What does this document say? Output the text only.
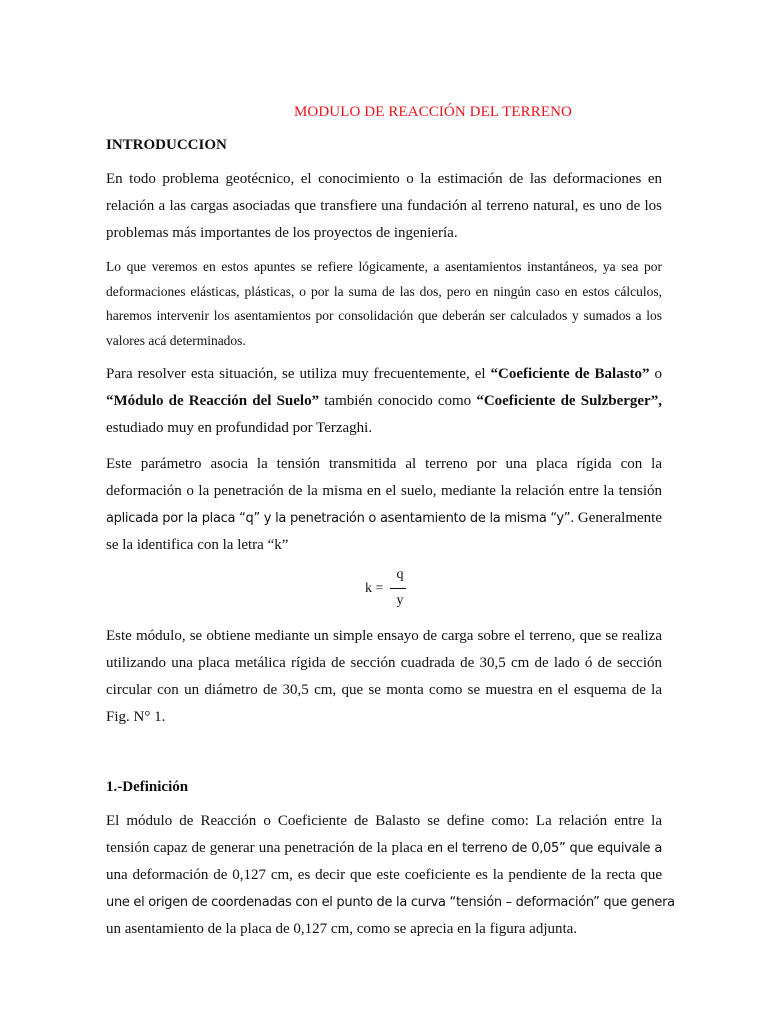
MODULO DE REACCIÓN DEL TERRENO
INTRODUCCION
En todo problema geotécnico, el conocimiento o la estimación de las deformaciones en
relación a las cargas asociadas que transfiere una fundación al terreno natural, es uno de los
problemas más importantes de los proyectos de ingeniería.
Lo que veremos en estos apuntes se refiere lógicamente, a asentamientos instantáneos, ya sea por
deformaciones elásticas, plásticas, o por la suma de las dos, pero en ningún caso en estos cálculos,
haremos intervenir los asentamientos por consolidación que deberán ser calculados y sumados a los
valores acá determinados.
Para resolver esta situación, se utiliza muy frecuentemente, el “Coeficiente de Balasto” o
“Módulo de Reacción del Suelo” también conocido como “Coeficiente de Sulzberger”,
estudiado muy en profundidad por Terzaghi.
Este parámetro asocia la tensión transmitida al terreno por una placa rígida con la
deformación o la penetración de la misma en el suelo, mediante la relación entre la tensión
aplicada por la placa “q” y la penetración o asentamiento de la misma “y”. Generalmente
se la identifica con la letra “k”
k =
q
y
Este módulo, se obtiene mediante un simple ensayo de carga sobre el terreno, que se realiza
utilizando una placa metálica rígida de sección cuadrada de 30,5 cm de lado ó de sección
circular con un diámetro de 30,5 cm, que se monta como se muestra en el esquema de la
Fig. N° 1.
1.-Definición
El módulo de Reacción o Coeficiente de Balasto se define como: La relación entre la
tensión capaz de generar una penetración de la placa en el terreno de 0,05” que equivale a
una deformación de 0,127 cm, es decir que este coeficiente es la pendiente de la recta que
une el origen de coordenadas con el punto de la curva “tensión – deformación” que genera
un asentamiento de la placa de 0,127 cm, como se aprecia en la figura adjunta.
